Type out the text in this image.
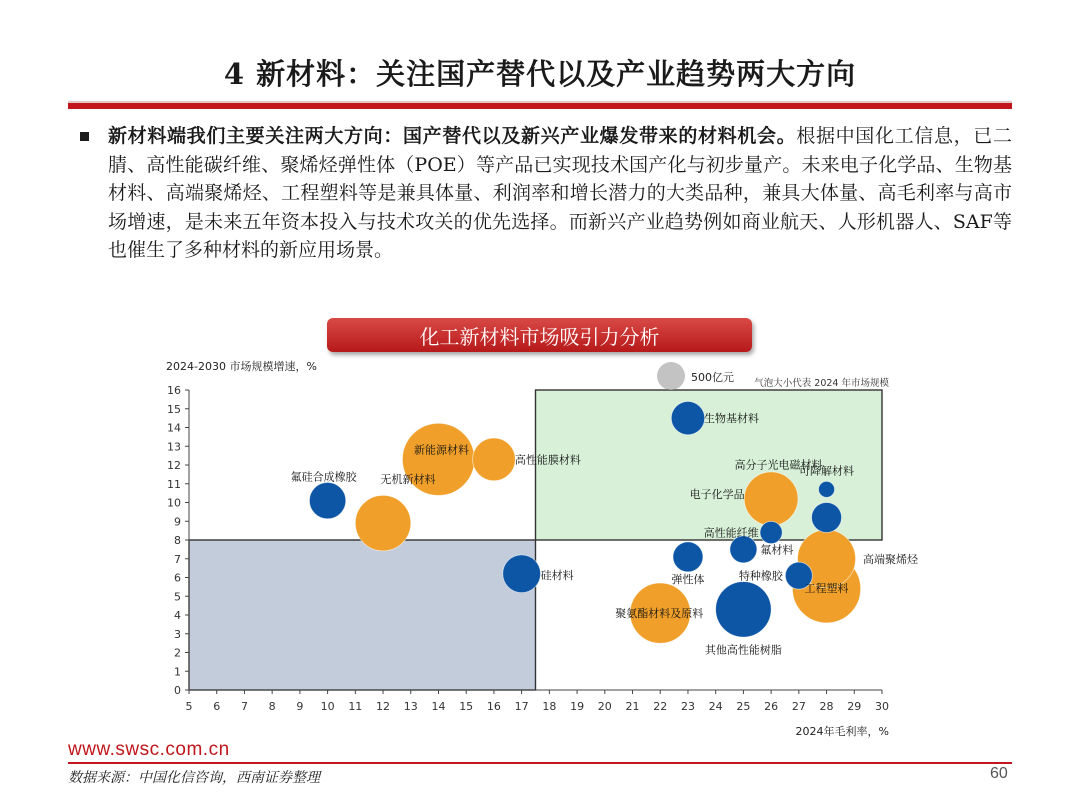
4 新材料：关注国产替代以及产业趋势两大方向
新材料端我们主要关注两大方向：国产替代以及新兴产业爆发带来的材料机会。根据中国化工信息，已二腈、高性能碳纤维、聚烯烃弹性体（POE）等产品已实现技术国产化与初步量产。未来电子化学品、生物基材料、高端聚烯烃、工程塑料等是兼具体量、利润率和增长潜力的大类品种，兼具大体量、高毛利率与高市场增速，是未来五年资本投入与技术攻关的优先选择。而新兴产业趋势例如商业航天、人形机器人、SAF等也催生了多种材料的新应用场景。
0
1
2
3
4
5
6
7
8
9
10
11
12
13
14
15
16
5 6 7 8 9 10 11 12 13 14 15 16 17 18 19 20 21 22 23 24 25 26 27 28 29 30
氟硅合成橡胶 无机新材料
新能源材料
高性能膜材料
硅材料
聚氨酯材料及原料
生物基材料
弹性体
其他高性能树脂
氟材料
高性能纤维
电子化学品
特种橡胶
高分子光电磁材料
可降解材料
工程塑料
高端聚烯烃
500亿元 气泡大小代表 2024 年市场规模
2024-2030 市场规模增速，%
2024年毛利率，%
化工新材料市场吸引力分析
www.swsc.com.cn
数据来源：中国化信咨询，西南证券整理	60
